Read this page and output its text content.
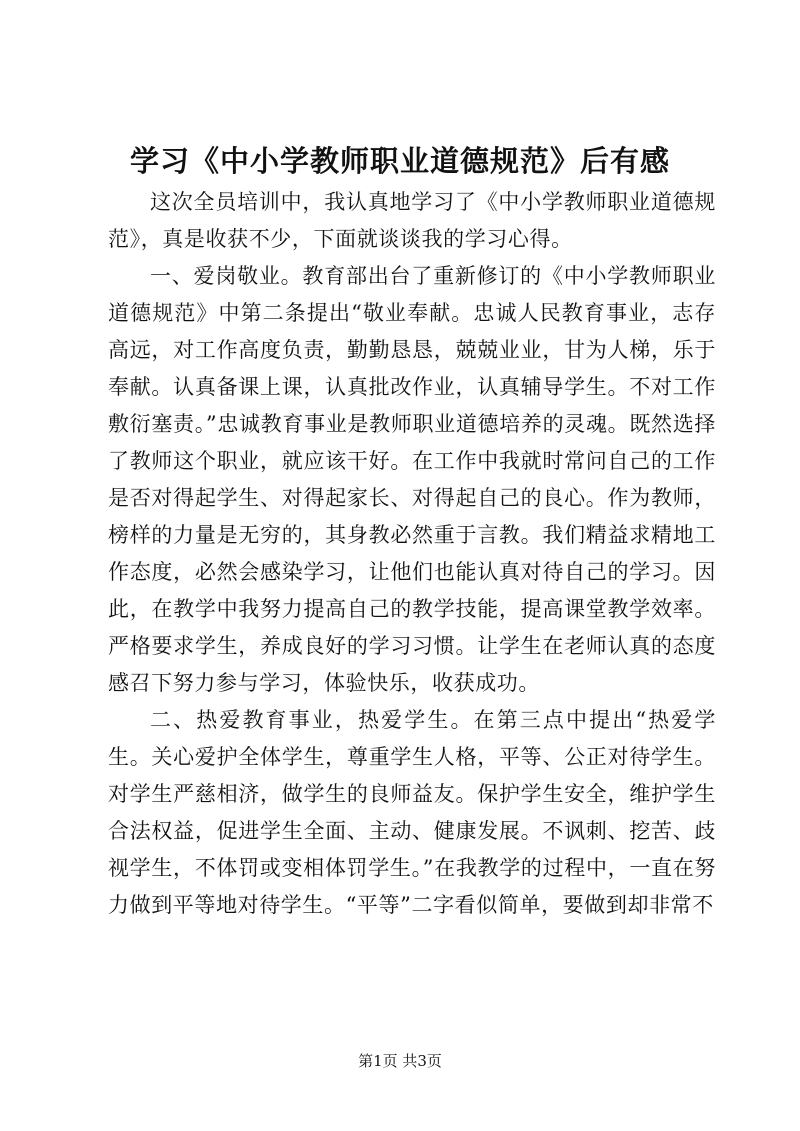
学习《中小学教师职业道德规范》后有感

这次全员培训中，我认真地学习了《中小学教师职业道德规范》，真是收获不少，下面就谈谈我的学习心得。

一、爱岗敬业。教育部出台了重新修订的《中小学教师职业道德规范》中第二条提出“敬业奉献。忠诚人民教育事业，志存高远，对工作高度负责，勤勤恳恳，兢兢业业，甘为人梯，乐于奉献。认真备课上课，认真批改作业，认真辅导学生。不对工作敷衍塞责。”忠诚教育事业是教师职业道德培养的灵魂。既然选择了教师这个职业，就应该干好。在工作中我就时常问自己的工作是否对得起学生、对得起家长、对得起自己的良心。作为教师，榜样的力量是无穷的，其身教必然重于言教。我们精益求精地工作态度，必然会感染学习，让他们也能认真对待自己的学习。因此，在教学中我努力提高自己的教学技能，提高课堂教学效率。严格要求学生，养成良好的学习习惯。让学生在老师认真的态度感召下努力参与学习，体验快乐，收获成功。

二、热爱教育事业，热爱学生。在第三点中提出“热爱学生。关心爱护全体学生，尊重学生人格，平等、公正对待学生。对学生严慈相济，做学生的良师益友。保护学生安全，维护学生合法权益，促进学生全面、主动、健康发展。不讽刺、挖苦、歧视学生，不体罚或变相体罚学生。”在我教学的过程中，一直在努力做到平等地对待学生。“平等”二字看似简单，要做到却非常不

第1页 共3页
